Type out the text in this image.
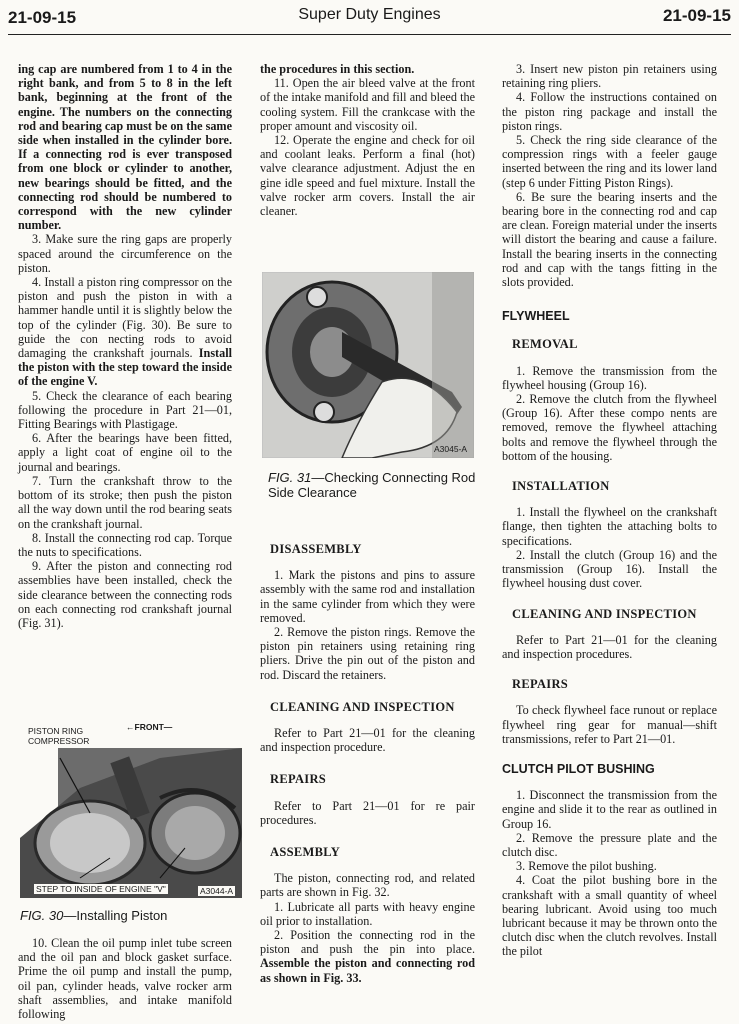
21-09-15	Super Duty Engines	21-09-15

ing cap are numbered from 1 to 4 in the right bank, and from 5 to 8 in the left bank, beginning at the front of the engine. The numbers on the connecting rod and bearing cap must be on the same side when installed in the cylinder bore. If a connecting rod is ever transposed from one block or cylinder to another, new bearings should be fitted, and the connecting rod should be numbered to correspond with the new cylinder number.

3. Make sure the ring gaps are properly spaced around the circumference on the piston.

4. Install a piston ring compressor on the piston and push the piston in with a hammer handle until it is slightly below the top of the cylinder (Fig. 30). Be sure to guide the con necting rods to avoid damaging the crankshaft journals. Install the piston with the step toward the inside of the engine V.

5. Check the clearance of each bearing following the procedure in Part 21—01, Fitting Bearings with Plastigage.

6. After the bearings have been fitted, apply a light coat of engine oil to the journal and bearings.

7. Turn the crankshaft throw to the bottom of its stroke; then push the piston all the way down until the rod bearing seats on the crankshaft journal.

8. Install the connecting rod cap. Torque the nuts to specifications.

9. After the piston and connecting rod assemblies have been installed, check the side clearance between the connecting rods on each connecting rod crankshaft journal (Fig. 31).

PISTON RING COMPRESSOR
←FRONT—
STEP TO INSIDE OF ENGINE "V"	A3044-A
FIG. 30—Installing Piston

10. Clean the oil pump inlet tube screen and the oil pan and block gasket surface. Prime the oil pump and install the pump, oil pan, cylinder heads, valve rocker arm shaft assemblies, and intake manifold following

the procedures in this section.

11. Open the air bleed valve at the front of the intake manifold and fill and bleed the cooling system. Fill the crankcase with the proper amount and viscosity oil.

12. Operate the engine and check for oil and coolant leaks. Perform a final (hot) valve clearance adjustment. Adjust the en gine idle speed and fuel mixture. Install the valve rocker arm covers. Install the air cleaner.

A3045-A
FIG. 31—Checking Connecting Rod Side Clearance
DISASSEMBLY

1. Mark the pistons and pins to assure assembly with the same rod and installation in the same cylinder from which they were removed.

2. Remove the piston rings. Remove the piston pin retainers using retaining ring pliers. Drive the pin out of the piston and rod. Discard the retainers.

CLEANING AND INSPECTION

Refer to Part 21—01 for the cleaning and inspection procedure.

REPAIRS

Refer to Part 21—01 for re pair procedures.

ASSEMBLY

The piston, connecting rod, and related parts are shown in Fig. 32.

1. Lubricate all parts with heavy engine oil prior to installation.

2. Position the connecting rod in the piston and push the pin into place. Assemble the piston and connecting rod as shown in Fig. 33.

3. Insert new piston pin retainers using retaining ring pliers.

4. Follow the instructions contained on the piston ring package and install the piston rings.

5. Check the ring side clearance of the compression rings with a feeler gauge inserted between the ring and its lower land (step 6 under Fitting Piston Rings).

6. Be sure the bearing inserts and the bearing bore in the connecting rod and cap are clean. Foreign material under the inserts will distort the bearing and cause a failure. Install the bearing inserts in the connecting rod and cap with the tangs fitting in the slots provided.

FLYWHEEL
REMOVAL

1. Remove the transmission from the flywheel housing (Group 16).

2. Remove the clutch from the flywheel (Group 16). After these compo nents are removed, remove the flywheel attaching bolts and remove the flywheel through the bottom of the housing.

INSTALLATION

1. Install the flywheel on the crankshaft flange, then tighten the attaching bolts to specifications.

2. Install the clutch (Group 16) and the transmission (Group 16). Install the flywheel housing dust cover.

CLEANING AND INSPECTION

Refer to Part 21—01 for the cleaning and inspection procedures.

REPAIRS

To check flywheel face runout or replace flywheel ring gear for manual—shift transmissions, refer to Part 21—01.

CLUTCH PILOT BUSHING

1. Disconnect the transmission from the engine and slide it to the rear as outlined in Group 16.

2. Remove the pressure plate and the clutch disc.

3. Remove the pilot bushing.

4. Coat the pilot bushing bore in the crankshaft with a small quantity of wheel bearing lubricant. Avoid using too much lubricant because it may be thrown onto the clutch disc when the clutch revolves. Install the pilot
